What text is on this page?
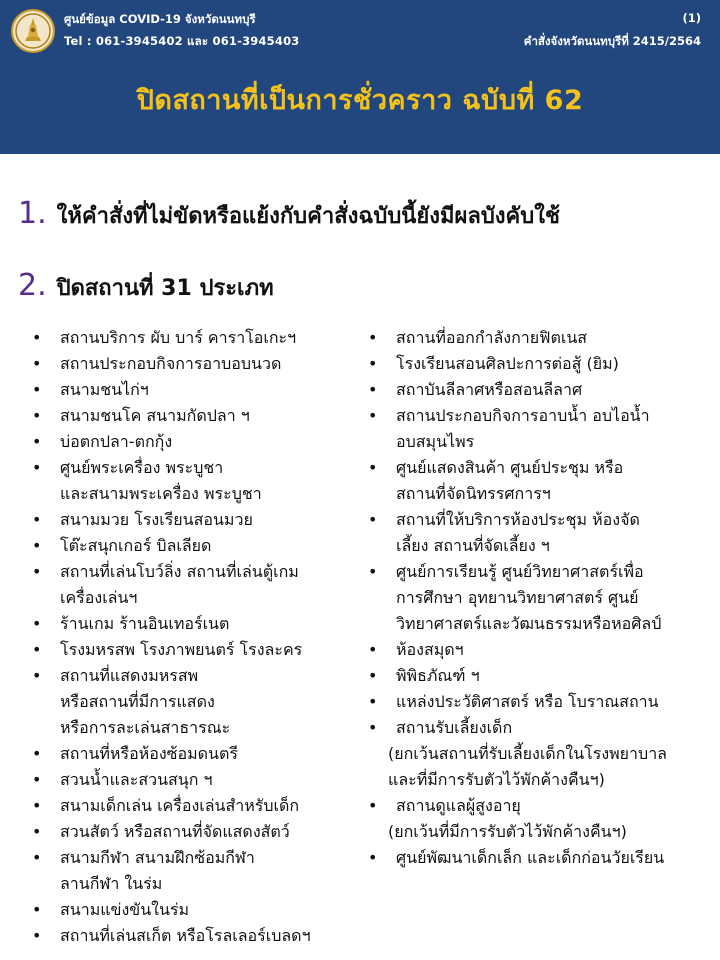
ศูนย์ข้อมูล COVID-19 จังหวัดนนทบุรี
Tel : 061-3945402 และ 061-3945403
(1)
คำสั่งจังหวัดนนทบุรีที่ 2415/2564
ปิดสถานที่เป็นการชั่วคราว ฉบับที่ 62
1. ให้คำสั่งที่ไม่ขัดหรือแย้งกับคำสั่งฉบับนี้ยังมีผลบังคับใช้
2. ปิดสถานที่ 31 ประเภท
•	สถานบริการ ผับ บาร์ คาราโอเกะฯ
•	สถานประกอบกิจการอาบอบนวด
•	สนามชนไก่ฯ
•	สนามชนโค สนามกัดปลา ฯ
•	บ่อตกปลา-ตกกุ้ง
•	ศูนย์พระเครื่อง พระบูชา
และสนามพระเครื่อง พระบูชา
•	สนามมวย โรงเรียนสอนมวย
•	โต๊ะสนุกเกอร์ บิลเลียด
•	สถานที่เล่นโบว์ลิ่ง สถานที่เล่นตู้เกม
เครื่องเล่นฯ
•	ร้านเกม ร้านอินเทอร์เนต
•	โรงมหรสพ โรงภาพยนตร์ โรงละคร
•	สถานที่แสดงมหรสพ
หรือสถานที่มีการแสดง
หรือการละเล่นสาธารณะ
•	สถานที่หรือห้องซ้อมดนตรี
•	สวนน้ำและสวนสนุก ฯ
•	สนามเด็กเล่น เครื่องเล่นสำหรับเด็ก
•	สวนสัตว์ หรือสถานที่จัดแสดงสัตว์
•	สนามกีฬา สนามฝึกซ้อมกีฬา
ลานกีฬา ในร่ม
•	สนามแข่งขันในร่ม
•	สถานที่เล่นสเก็ต หรือโรลเลอร์เบลดฯ
•	สถานที่ออกกำลังกายฟิตเนส
•	โรงเรียนสอนศิลปะการต่อสู้ (ยิม)
•	สถาบันลีลาศหรือสอนลีลาศ
•	สถานประกอบกิจการอาบน้ำ อบไอน้ำ
อบสมุนไพร
•	ศูนย์แสดงสินค้า ศูนย์ประชุม หรือ
สถานที่จัดนิทรรศการฯ
•	สถานที่ให้บริการห้องประชุม ห้องจัด
เลี้ยง สถานที่จัดเลี้ยง ฯ
•	ศูนย์การเรียนรู้ ศูนย์วิทยาศาสตร์เพื่อ
การศึกษา อุทยานวิทยาศาสตร์ ศูนย์
วิทยาศาสตร์และวัฒนธรรมหรือหอศิลป์
•	ห้องสมุดฯ
•	พิพิธภัณฑ์ ฯ
•	แหล่งประวัติศาสตร์ หรือ โบราณสถาน
•	สถานรับเลี้ยงเด็ก
(ยกเว้นสถานที่รับเลี้ยงเด็กในโรงพยาบาล
และที่มีการรับตัวไว้พักค้างคืนฯ)
•	สถานดูแลผู้สูงอายุ
(ยกเว้นที่มีการรับตัวไว้พักค้างคืนฯ)
•	ศูนย์พัฒนาเด็กเล็ก และเด็กก่อนวัยเรียน
